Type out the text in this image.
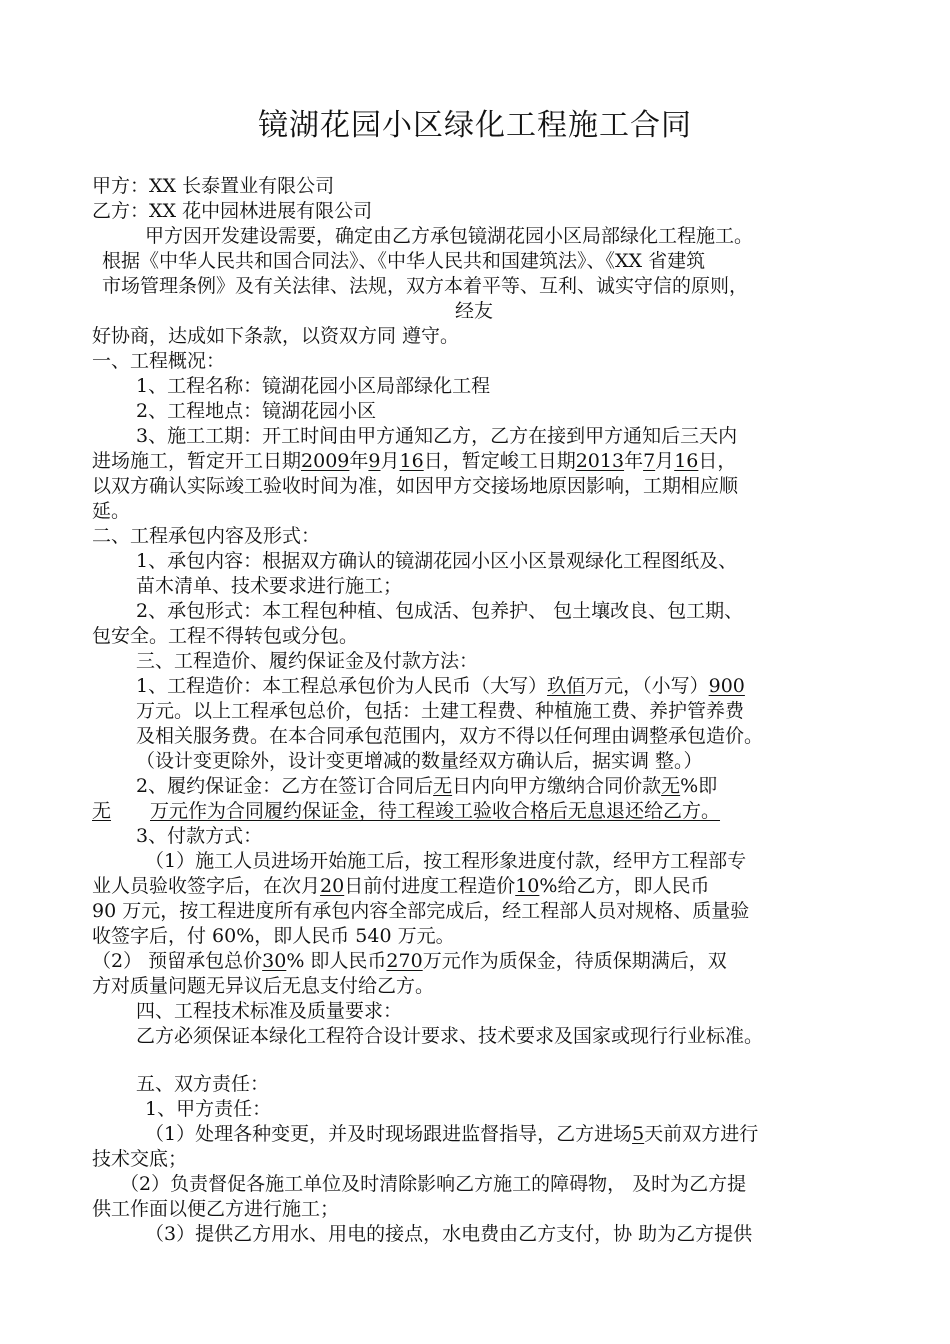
镜湖花园小区绿化工程施工合同
甲方：XX 长泰置业有限公司
乙方：XX 花中园林进展有限公司
甲方因开发建设需要，确定由乙方承包镜湖花园小区局部绿化工程施工。
根据《中华人民共和国合同法》、《中华人民共和国建筑法》、《XX 省建筑
市场管理条例》及有关法律、法规，双方本着平等、互利、诚实守信的原则，
经友
好协商，达成如下条款，以资双方同 遵守。
一、工程概况：
1、工程名称：镜湖花园小区局部绿化工程
2、工程地点：镜湖花园小区
3、施工工期：开工时间由甲方通知乙方，乙方在接到甲方通知后三天内
进场施工，暂定开工日期2009年9月16日，暂定峻工日期2013年7月16日，
以双方确认实际竣工验收时间为准，如因甲方交接场地原因影响，工期相应顺
延。
二、工程承包内容及形式：
1、承包内容：根据双方确认的镜湖花园小区小区景观绿化工程图纸及、
苗木清单、技术要求进行施工；
2、承包形式：本工程包种植、包成活、包养护、 包土壤改良、包工期、
包安全。工程不得转包或分包。
三、工程造价、履约保证金及付款方法：
1、工程造价：本工程总承包价为人民币（大写）玖佰万元，（小写）900
万元。以上工程承包总价，包括：土建工程费、种植施工费、养护管养费
及相关服务费。在本合同承包范围内，双方不得以任何理由调整承包造价。
（设计变更除外，设计变更增减的数量经双方确认后，据实调 整。）
2、履约保证金：乙方在签订合同后无日内向甲方缴纳合同价款无%即
无万元作为合同履约保证金，待工程竣工验收合格后无息退还给乙方。
3、付款方式：
（1）施工人员进场开始施工后，按工程形象进度付款，经甲方工程部专
业人员验收签字后，在次月20日前付进度工程造价10%给乙方，即人民币
90 万元，按工程进度所有承包内容全部完成后，经工程部人员对规格、质量验
收签字后，付 60%，即人民币 540 万元。
（2） 预留承包总价30% 即人民币270万元作为质保金，待质保期满后，双
方对质量问题无异议后无息支付给乙方。
四、工程技术标准及质量要求：
乙方必须保证本绿化工程符合设计要求、技术要求及国家或现行行业标准。
五、双方责任：
1、甲方责任：
（1）处理各种变更，并及时现场跟进监督指导，乙方进场5天前双方进行
技术交底；
（2）负责督促各施工单位及时清除影响乙方施工的障碍物， 及时为乙方提
供工作面以便乙方进行施工；
（3）提供乙方用水、用电的接点，水电费由乙方支付，协 助为乙方提供
